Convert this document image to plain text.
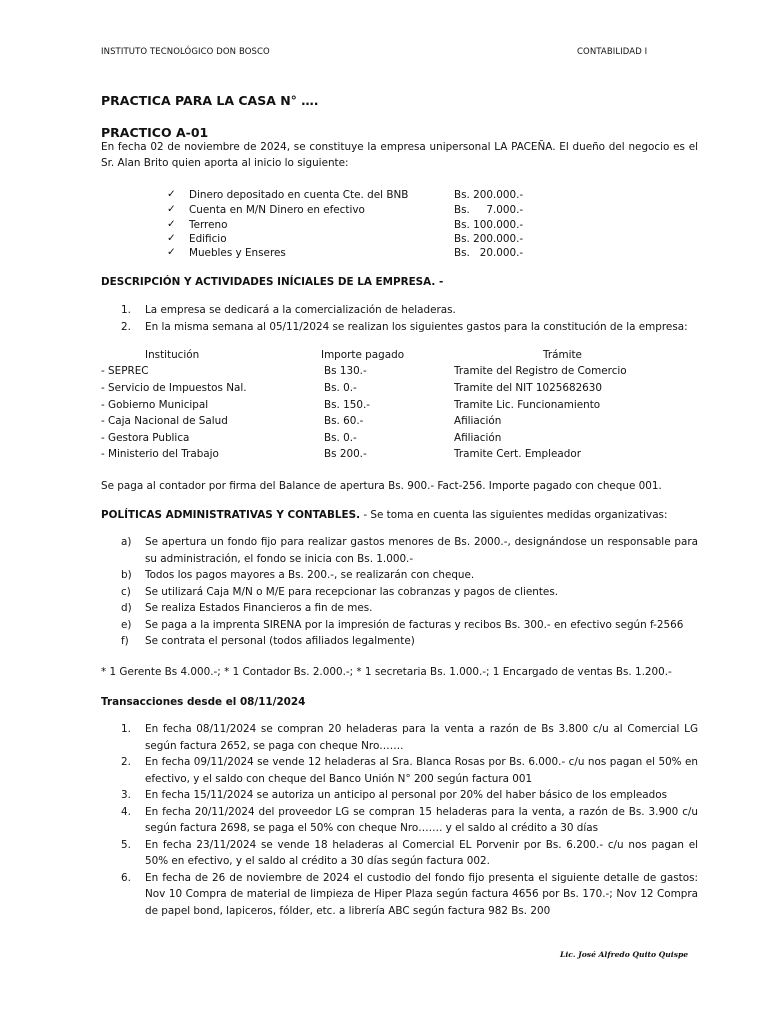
INSTITUTO TECNOLÓGICO DON BOSCO	CONTABILIDAD I
PRACTICA PARA LA CASA N° ….
PRACTICO A-01
En fecha 02 de noviembre de 2024, se constituye la empresa unipersonal LA PACEÑA. El dueño del negocio es el Sr. Alan Brito quien aporta al inicio lo siguiente:
✓ Dinero depositado en cuenta Cte. del BNB	Bs. 200.000.-
✓ Cuenta en M/N Dinero en efectivo	Bs.     7.000.-
✓ Terreno	Bs. 100.000.-
✓ Edificio	Bs. 200.000.-
✓ Muebles y Enseres	Bs.   20.000.-
DESCRIPCIÓN Y ACTIVIDADES INÍCIALES DE LA EMPRESA. -
1. La empresa se dedicará a la comercialización de heladeras.
2. En la misma semana al 05/11/2024 se realizan los siguientes gastos para la constitución de la empresa:
Institución	Importe pagado	Trámite
- SEPREC	Bs 130.-	Tramite del Registro de Comercio
- Servicio de Impuestos Nal.	Bs. 0.-	Tramite del NIT 1025682630
- Gobierno Municipal	Bs. 150.-	Tramite Lic. Funcionamiento
- Caja Nacional de Salud	Bs. 60.-	Afiliación
- Gestora Publica	Bs. 0.-	Afiliación
- Ministerio del Trabajo	Bs 200.-	Tramite Cert. Empleador
Se paga al contador por firma del Balance de apertura Bs. 900.- Fact-256. Importe pagado con cheque 001.
POLÍTICAS ADMINISTRATIVAS Y CONTABLES. - Se toma en cuenta las siguientes medidas organizativas:
a) Se apertura un fondo fijo para realizar gastos menores de Bs. 2000.-, designándose un responsable para su administración, el fondo se inicia con Bs. 1.000.-
b) Todos los pagos mayores a Bs. 200.-, se realizarán con cheque.
c) Se utilizará Caja M/N o M/E para recepcionar las cobranzas y pagos de clientes.
d) Se realiza Estados Financieros a fin de mes.
e) Se paga a la imprenta SIRENA por la impresión de facturas y recibos Bs. 300.- en efectivo según f-2566
f) Se contrata el personal (todos afiliados legalmente)
* 1 Gerente Bs 4.000.-; * 1 Contador Bs. 2.000.-; * 1 secretaria Bs. 1.000.-; 1 Encargado de ventas Bs. 1.200.-
Transacciones desde el 08/11/2024
1. En fecha 08/11/2024 se compran 20 heladeras para la venta a razón de Bs 3.800 c/u al Comercial LG según factura 2652, se paga con cheque Nro…….
2. En fecha 09/11/2024 se vende 12 heladeras al Sra. Blanca Rosas por Bs. 6.000.- c/u nos pagan el 50% en efectivo, y el saldo con cheque del Banco Unión N° 200 según factura 001
3. En fecha 15/11/2024 se autoriza un anticipo al personal por 20% del haber básico de los empleados
4. En fecha 20/11/2024 del proveedor LG se compran 15 heladeras para la venta, a razón de Bs. 3.900 c/u según factura 2698, se paga el 50% con cheque Nro……. y el saldo al crédito a 30 días
5. En fecha 23/11/2024 se vende 18 heladeras al Comercial EL Porvenir por Bs. 6.200.- c/u nos pagan el 50% en efectivo, y el saldo al crédito a 30 días según factura 002.
6. En fecha de 26 de noviembre de 2024 el custodio del fondo fijo presenta el siguiente detalle de gastos: Nov 10 Compra de material de limpieza de Hiper Plaza según factura 4656 por Bs. 170.-; Nov 12 Compra de papel bond, lapiceros, fólder, etc. a librería ABC según factura 982 Bs. 200
Lic. José Alfredo Quito Quispe
